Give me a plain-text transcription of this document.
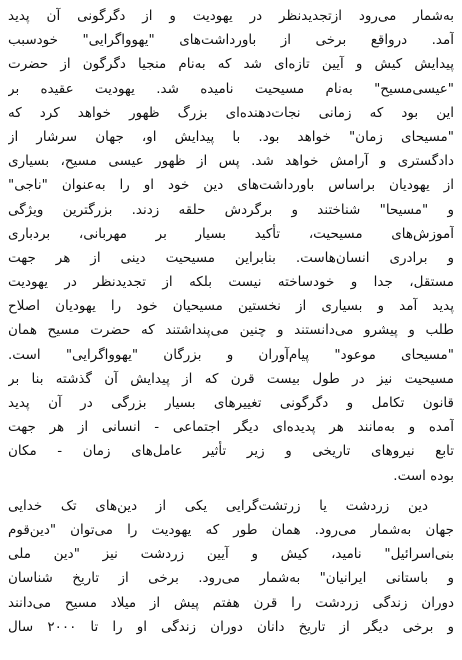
به‌شمار می‌رود ازتجدیدنظر در یهودیت و از دگرگونی آن پدید
آمد. درواقع برخی از باورداشت‌های "یهوواگرایی" خودسبب
پیدایش کیش و آیین تازه‌ای شد که به‌نام منجیا دگرگون از حضرت
"عیسی‌مسیح" به‌نام مسیحیت نامیده شد. یهودیت عقیده بر
این بود که زمانی نجات‌دهنده‌ای بزرگ ظهور خواهد کرد که
"مسیحای زمان" خواهد بود. با پیدایش او، جهان سرشار از
دادگستری و آرامش خواهد شد. پس از ظهور عیسی مسیح، بسیاری
از یهودیان براساس باورداشت‌های دین خود او را به‌عنوان "ناجی"
و "مسیحا" شناختند و برگردش حلقه زدند. بزرگترین ویژگی
آموزش‌های مسیحیت، تأکید بسیار بر مهربانی، بردباری
و برادری انسان‌هاست. بنابراین مسیحیت دینی از هر جهت
مستقل، جدا و خودساخته نیست بلکه از تجدیدنظر در یهودیت
پدید آمد و بسیاری از نخستین مسیحیان خود را یهودیان اصلاح
طلب و پیشرو می‌دانستند و چنین می‌پنداشتند که حضرت مسیح همان
"مسیحای موعود" پیام‌آوران و بزرگان "یهوواگرایی" است.
مسیحیت نیز در طول بیست قرن که از پیدایش آن گذشته بنا بر
قانون تکامل و دگرگونی تغییرهای بسیار بزرگی در آن پدید
آمده و به‌مانند هر پدیده‌ای دیگر اجتماعی - انسانی از هر جهت
تابع نیروهای تاریخی و زیر تأثیر عامل‌های زمان - مکان
بوده است.
دین زردشت یا زرتشت‌گرایی یکی از دین‌های تک خدایی
جهان به‌شمار می‌رود. همان طور که یهودیت را می‌توان "دین‌قوم
بنی‌اسرائیل" نامید، کیش و آیین زردشت نیز "دین ملی
و باستانی ایرانیان" به‌شمار می‌رود. برخی از تاریخ شناسان
دوران زندگی زردشت را قرن هفتم پیش از میلاد مسیح می‌دانند
و برخی دیگر از تاریخ دانان دوران زندگی او را تا ۲۰۰۰ سال
